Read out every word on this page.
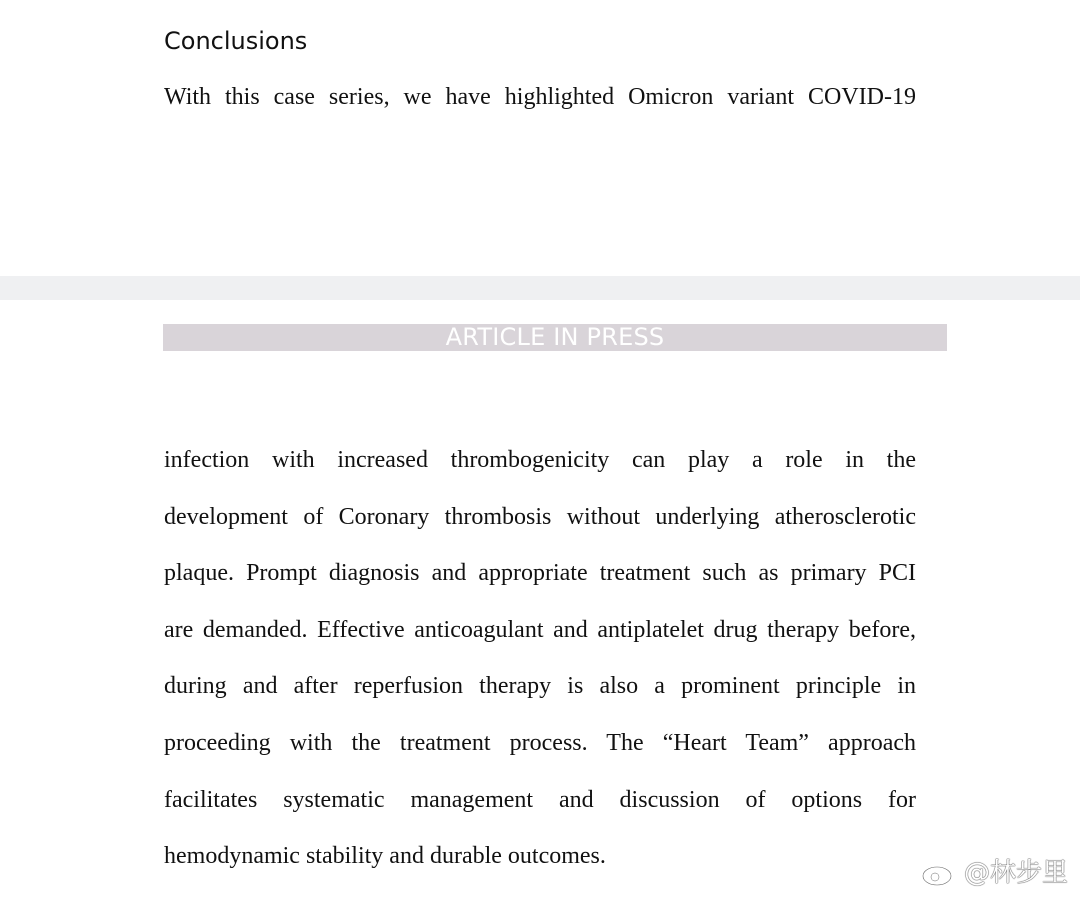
Conclusions

With this case series, we have highlighted Omicron variant COVID-19

ARTICLE IN PRESS
infection with increased thrombogenicity can play a role in the
development of Coronary thrombosis without underlying atherosclerotic
plaque. Prompt diagnosis and appropriate treatment such as primary PCI
are demanded. Effective anticoagulant and antiplatelet drug therapy before,
during and after reperfusion therapy is also a prominent principle in
proceeding with the treatment process. The “Heart Team” approach
facilitates systematic management and discussion of options for
hemodynamic stability and durable outcomes.
@林步里
